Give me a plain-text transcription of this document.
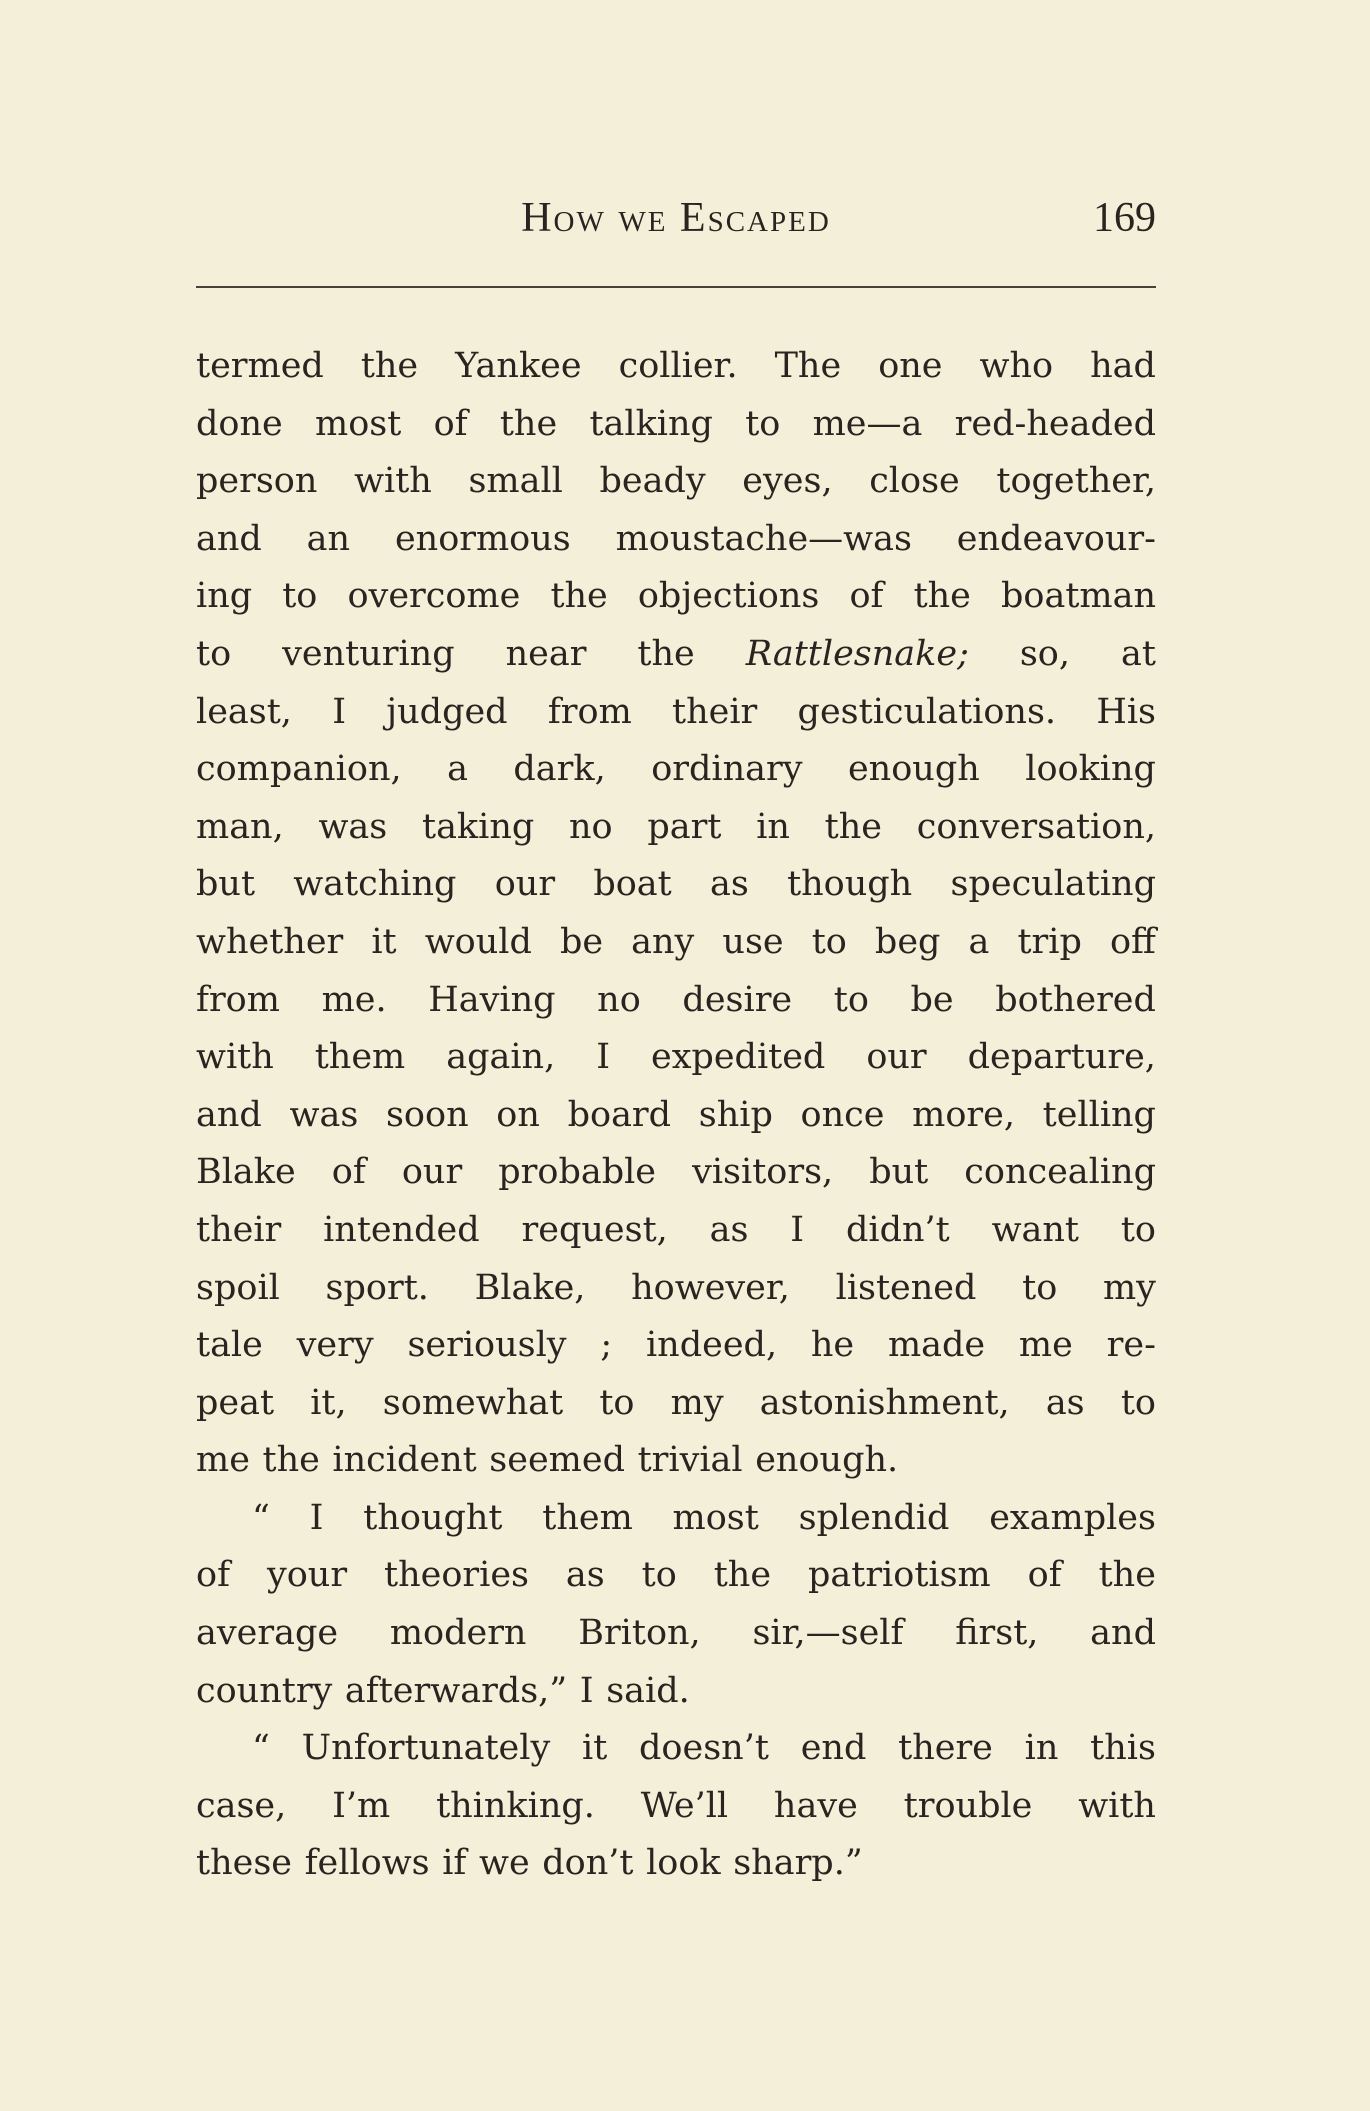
How we Escaped	169
termed the Yankee collier. The one who had
done most of the talking to me—a red-headed
person with small beady eyes, close together,
and an enormous moustache—was endeavour-
ing to overcome the objections of the boatman
to venturing near the Rattlesnake; so, at
least, I judged from their gesticulations. His
companion, a dark, ordinary enough looking
man, was taking no part in the conversation,
but watching our boat as though speculating
whether it would be any use to beg a trip off
from me. Having no desire to be bothered
with them again, I expedited our departure,
and was soon on board ship once more, telling
Blake of our probable visitors, but concealing
their intended request, as I didn’t want to
spoil sport. Blake, however, listened to my
tale very seriously ; indeed, he made me re-
peat it, somewhat to my astonishment, as to
me the incident seemed trivial enough.
“ I thought them most splendid examples
of your theories as to the patriotism of the
average modern Briton, sir,—self first, and
country afterwards,” I said.
“ Unfortunately it doesn’t end there in this
case, I’m thinking. We’ll have trouble with
these fellows if we don’t look sharp.”
